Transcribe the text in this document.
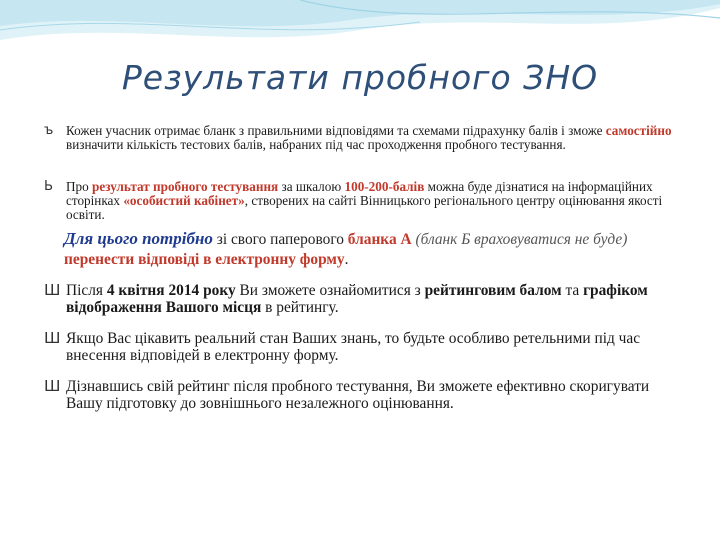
Результати пробного ЗНО
ъ Кожен учасник отримає бланк з правильними відповідями та схемами підрахунку балів і зможе самостійно визначити кількість тестових балів, набраних під час проходження пробного тестування.
Ь Про результат пробного тестування за шкалою 100-200-балів можна буде дізнатися на інформаційних сторінках «особистий кабінет», створених на сайті Вінницького регіонального центру оцінювання якості освіти.
Для цього потрібно зі свого паперового бланка А (бланк Б враховуватися не буде) перенести відповіді в електронну форму.
Ш Після 4 квітня 2014 року Ви зможете ознайомитися з рейтинговим балом та графіком відображення Вашого місця в рейтингу.
Ш Якщо Вас цікавить реальний стан Ваших знань, то будьте особливо ретельними під час внесення відповідей в електронну форму.
Ш Дізнавшись свій рейтинг після пробного тестування, Ви зможете ефективно скоригувати Вашу підготовку до зовнішнього незалежного оцінювання.
